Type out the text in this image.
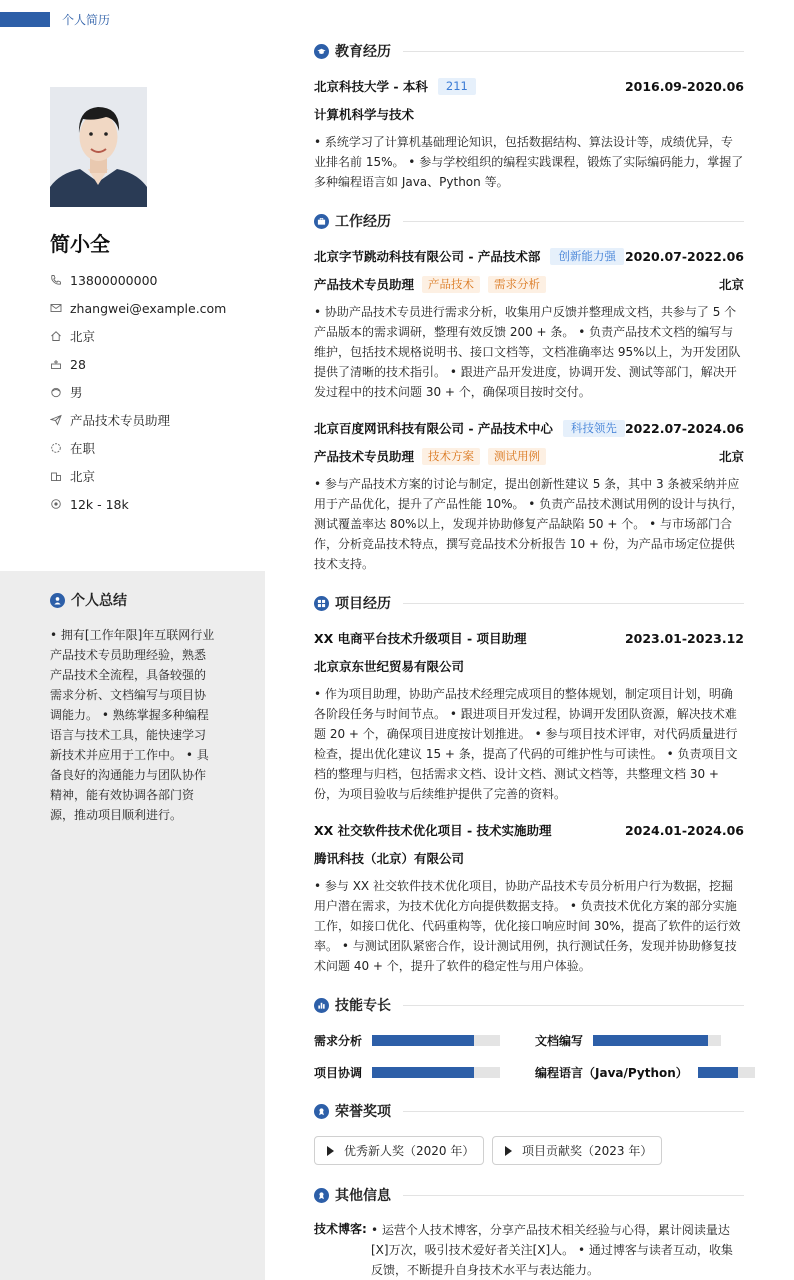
个人简历
简小全
13800000000
zhangwei@example.com
北京
28
男
产品技术专员助理
在职
北京
12k - 18k
个人总结
• 拥有[工作年限]年互联网行业产品技术专员助理经验，熟悉产品技术全流程，具备较强的需求分析、文档编写与项目协调能力。 • 熟练掌握多种编程语言与技术工具，能快速学习新技术并应用于工作中。 • 具备良好的沟通能力与团队协作精神，能有效协调各部门资源，推动项目顺利进行。
教育经历
北京科技大学 - 本科	211	2016.09-2020.06
计算机科学与技术
• 系统学习了计算机基础理论知识，包括数据结构、算法设计等，成绩优异，专业排名前 15%。 • 参与学校组织的编程实践课程，锻炼了实际编码能力，掌握了多种编程语言如 Java、Python 等。
工作经历
北京字节跳动科技有限公司 - 产品技术部	创新能力强 2020.07-2022.06
产品技术专员助理	产品技术	需求分析	北京
• 协助产品技术专员进行需求分析，收集用户反馈并整理成文档，共参与了 5 个产品版本的需求调研，整理有效反馈 200 + 条。 • 负责产品技术文档的编写与维护，包括技术规格说明书、接口文档等，文档准确率达 95%以上，为开发团队提供了清晰的技术指引。 • 跟进产品开发进度，协调开发、测试等部门，解决开发过程中的技术问题 30 + 个，确保项目按时交付。
北京百度网讯科技有限公司 - 产品技术中心	科技领先 2022.07-2024.06
产品技术专员助理	技术方案	测试用例	北京
• 参与产品技术方案的讨论与制定，提出创新性建议 5 条，其中 3 条被采纳并应用于产品优化，提升了产品性能 10%。 • 负责产品技术测试用例的设计与执行，测试覆盖率达 80%以上，发现并协助修复产品缺陷 50 + 个。 • 与市场部门合作，分析竞品技术特点，撰写竞品技术分析报告 10 + 份，为产品市场定位提供技术支持。
项目经历
XX 电商平台技术升级项目 - 项目助理	2023.01-2023.12
北京京东世纪贸易有限公司
• 作为项目助理，协助产品技术经理完成项目的整体规划，制定项目计划，明确各阶段任务与时间节点。 • 跟进项目开发过程，协调开发团队资源，解决技术难题 20 + 个，确保项目进度按计划推进。 • 参与项目技术评审，对代码质量进行检查，提出优化建议 15 + 条，提高了代码的可维护性与可读性。 • 负责项目文档的整理与归档，包括需求文档、设计文档、测试文档等，共整理文档 30 + 份，为项目验收与后续维护提供了完善的资料。
XX 社交软件技术优化项目 - 技术实施助理	2024.01-2024.06
腾讯科技（北京）有限公司
• 参与 XX 社交软件技术优化项目，协助产品技术专员分析用户行为数据，挖掘用户潜在需求，为技术优化方向提供数据支持。 • 负责技术优化方案的部分实施工作，如接口优化、代码重构等，优化接口响应时间 30%，提高了软件的运行效率。 • 与测试团队紧密合作，设计测试用例，执行测试任务，发现并协助修复技术问题 40 + 个，提升了软件的稳定性与用户体验。
技能专长
需求分析	文档编写
项目协调	编程语言（Java/Python）
荣誉奖项
优秀新人奖（2020 年）	项目贡献奖（2023 年）
其他信息
技术博客: • 运营个人技术博客，分享产品技术相关经验与心得，累计阅读量达[X]万次，吸引技术爱好者关注[X]人。 • 通过博客与读者互动，收集反馈，不断提升自身技术水平与表达能力。
